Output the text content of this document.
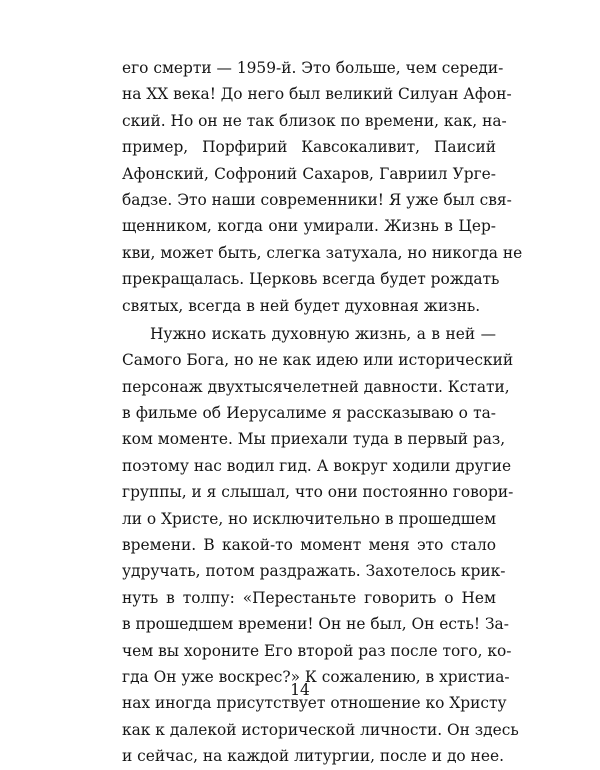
его смерти — 1959-й. Это больше, чем середи-
на XX века! До него был великий Силуан Афон-
ский. Но он не так близок по времени, как, на-
пример, Порфирий Кавсокаливит, Паисий
Афонский, Софроний Сахаров, Гавриил Ургe-
бадзе. Это наши современники! Я уже был свя-
щенником, когда они умирали. Жизнь в Цер-
кви, может быть, слегка затухала, но никогда не
прекращалась. Церковь всегда будет рождать
святых, всегда в ней будет духовная жизнь.
Нужно искать духовную жизнь, а в ней —
Самого Бога, но не как идею или исторический
персонаж двухтысячелетней давности. Кстати,
в фильме об Иерусалиме я рассказываю о та-
ком моменте. Мы приехали туда в первый раз,
поэтому нас водил гид. А вокруг ходили другие
группы, и я слышал, что они постоянно говори-
ли о Христе, но исключительно в прошедшем
времени. В какой-то момент меня это стало
удручать, потом раздражать. Захотелось крик-
нуть в толпу: «Перестаньте говорить о Нем
в прошедшем времени! Он не был, Он есть! За-
чем вы хороните Его второй раз после того, ко-
гда Он уже воскрес?» К сожалению, в христиа-
нах иногда присутствует отношение ко Христу
как к далекой исторической личности. Он здесь
и сейчас, на каждой литургии, после и до нее.
14
